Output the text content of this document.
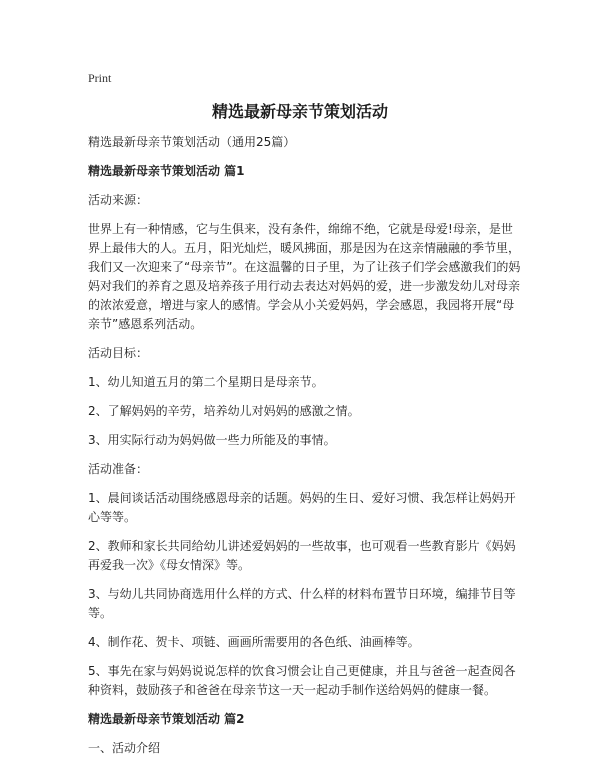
Print
精选最新母亲节策划活动

精选最新母亲节策划活动（通用25篇）

精选最新母亲节策划活动 篇1

活动来源：

世界上有一种情感，它与生俱来，没有条件，绵绵不绝，它就是母爱!母亲，是世界上最伟大的人。五月，阳光灿烂，暖风拂面，那是因为在这亲情融融的季节里，我们又一次迎来了“母亲节”。在这温馨的日子里，为了让孩子们学会感激我们的妈妈对我们的养育之恩及培养孩子用行动去表达对妈妈的爱，进一步激发幼儿对母亲的浓浓爱意，增进与家人的感情。学会从小关爱妈妈，学会感恩，我园将开展“母亲节”感恩系列活动。

活动目标：

1、幼儿知道五月的第二个星期日是母亲节。

2、了解妈妈的辛劳，培养幼儿对妈妈的感激之情。

3、用实际行动为妈妈做一些力所能及的事情。

活动准备：

1、晨间谈话活动围绕感恩母亲的话题。妈妈的生日、爱好习惯、我怎样让妈妈开心等等。

2、教师和家长共同给幼儿讲述爱妈妈的一些故事，也可观看一些教育影片《妈妈再爱我一次》《母女情深》等。

3、与幼儿共同协商选用什么样的方式、什么样的材料布置节日环境，编排节目等等。

4、制作花、贺卡、项链、画画所需要用的各色纸、油画棒等。

5、事先在家与妈妈说说怎样的饮食习惯会让自己更健康，并且与爸爸一起查阅各种资料，鼓励孩子和爸爸在母亲节这一天一起动手制作送给妈妈的健康一餐。

精选最新母亲节策划活动 篇2

一、活动介绍
